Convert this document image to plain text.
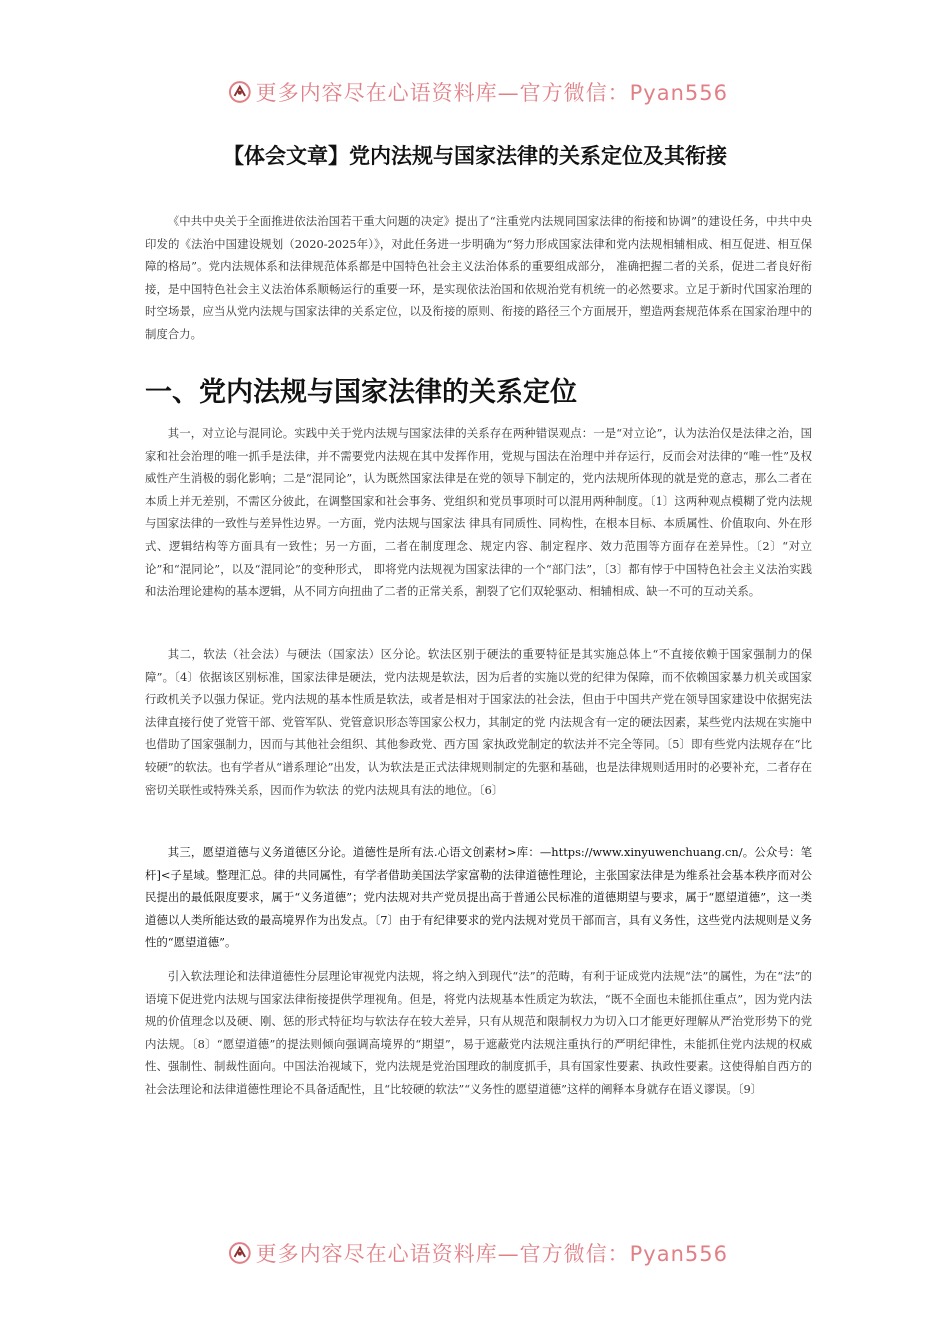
更多内容尽在心语资料库—官方微信：Pyan556
【体会文章】党内法规与国家法律的关系定位及其衔接

《中共中央关于全面推进依法治国若干重大问题的决定》提出了“注重党内法规同国家法律的衔接和协调”的建设任务，中共中央印发的《法治中国建设规划（2020-2025年）》，对此任务进一步明确为“努力形成国家法律和党内法规相辅相成、相互促进、相互保障的格局”。党内法规体系和法律规范体系都是中国特色社会主义法治体系的重要组成部分， 准确把握二者的关系，促进二者良好衔接，是中国特色社会主义法治体系顺畅运行的重要一环，是实现依法治国和依规治党有机统一的必然要求。立足于新时代国家治理的时空场景，应当从党内法规与国家法律的关系定位，以及衔接的原则、衔接的路径三个方面展开，塑造两套规范体系在国家治理中的制度合力。

一、党内法规与国家法律的关系定位

其一，对立论与混同论。实践中关于党内法规与国家法律的关系存在两种错误观点：一是“对立论”，认为法治仅是法律之治，国家和社会治理的唯一抓手是法律，并不需要党内法规在其中发挥作用，党规与国法在治理中并存运行，反而会对法律的“唯一性”及权威性产生消极的弱化影响；二是“混同论”，认为既然国家法律是在党的领导下制定的，党内法规所体现的就是党的意志，那么二者在本质上并无差别，不需区分彼此，在调整国家和社会事务、党组织和党员事项时可以混用两种制度。〔1〕这两种观点模糊了党内法规与国家法律的一致性与差异性边界。一方面，党内法规与国家法 律具有同质性、同构性，在根本目标、本质属性、价值取向、外在形式、逻辑结构等方面具有一致性；另一方面，二者在制度理念、规定内容、制定程序、效力范围等方面存在差异性。〔2〕“对立论”和“混同论”，以及“混同论”的变种形式， 即将党内法规视为国家法律的一个“部门法”，〔3〕都有悖于中国特色社会主义法治实践和法治理论建构的基本逻辑，从不同方向扭曲了二者的正常关系，割裂了它们双轮驱动、相辅相成、缺一不可的互动关系。

其二，软法（社会法）与硬法（国家法）区分论。软法区别于硬法的重要特征是其实施总体上“不直接依赖于国家强制力的保障”。〔4〕依据该区别标准，国家法律是硬法，党内法规是软法，因为后者的实施以党的纪律为保障，而不依赖国家暴力机关或国家行政机关予以强力保证。党内法规的基本性质是软法，或者是相对于国家法的社会法，但由于中国共产党在领导国家建设中依据宪法法律直接行使了党管干部、党管军队、党管意识形态等国家公权力，其制定的党 内法规含有一定的硬法因素，某些党内法规在实施中也借助了国家强制力，因而与其他社会组织、其他参政党、西方国 家执政党制定的软法并不完全等同。〔5〕即有些党内法规存在“比较硬”的软法。也有学者从“谱系理论”出发，认为软法是正式法律规则制定的先驱和基础，也是法律规则适用时的必要补充，二者存在密切关联性或特殊关系，因而作为软法 的党内法规具有法的地位。〔6〕

其三，愿望道德与义务道德区分论。道德性是所有法.心语文创素材>库：—https://www.xinyuwenchuang.cn/。公众号：笔杆]<子星域。整理汇总。律的共同属性，有学者借助美国法学家富勒的法律道德性理论，主张国家法律是为维系社会基本秩序而对公民提出的最低限度要求，属于“义务道德”；党内法规对共产党员提出高于普通公民标准的道德期望与要求，属于“愿望道德”，这一类道德以人类所能达致的最高境界作为出发点。〔7〕由于有纪律要求的党内法规对党员干部而言，具有义务性，这些党内法规则是义务性的“愿望道德”。

引入软法理论和法律道德性分层理论审视党内法规，将之纳入到现代“法”的范畴，有利于证成党内法规“法”的属性，为在“法”的语境下促进党内法规与国家法律衔接提供学理视角。但是，将党内法规基本性质定为软法，“既不全面也未能抓住重点”，因为党内法规的价值理念以及硬、刚、惩的形式特征均与软法存在较大差异，只有从规范和限制权力为切入口才能更好理解从严治党形势下的党内法规。〔8〕“愿望道德”的提法则倾向强调高境界的“期望”，易于遮蔽党内法规注重执行的严明纪律性，未能抓住党内法规的权威性、强制性、制裁性面向。中国法治视域下，党内法规是党治国理政的制度抓手，具有国家性要素、执政性要素。这使得舶自西方的社会法理论和法律道德性理论不具备适配性，且“比较硬的软法”“义务性的愿望道德”这样的阐释本身就存在语义谬误。〔9〕

更多内容尽在心语资料库—官方微信：Pyan556
